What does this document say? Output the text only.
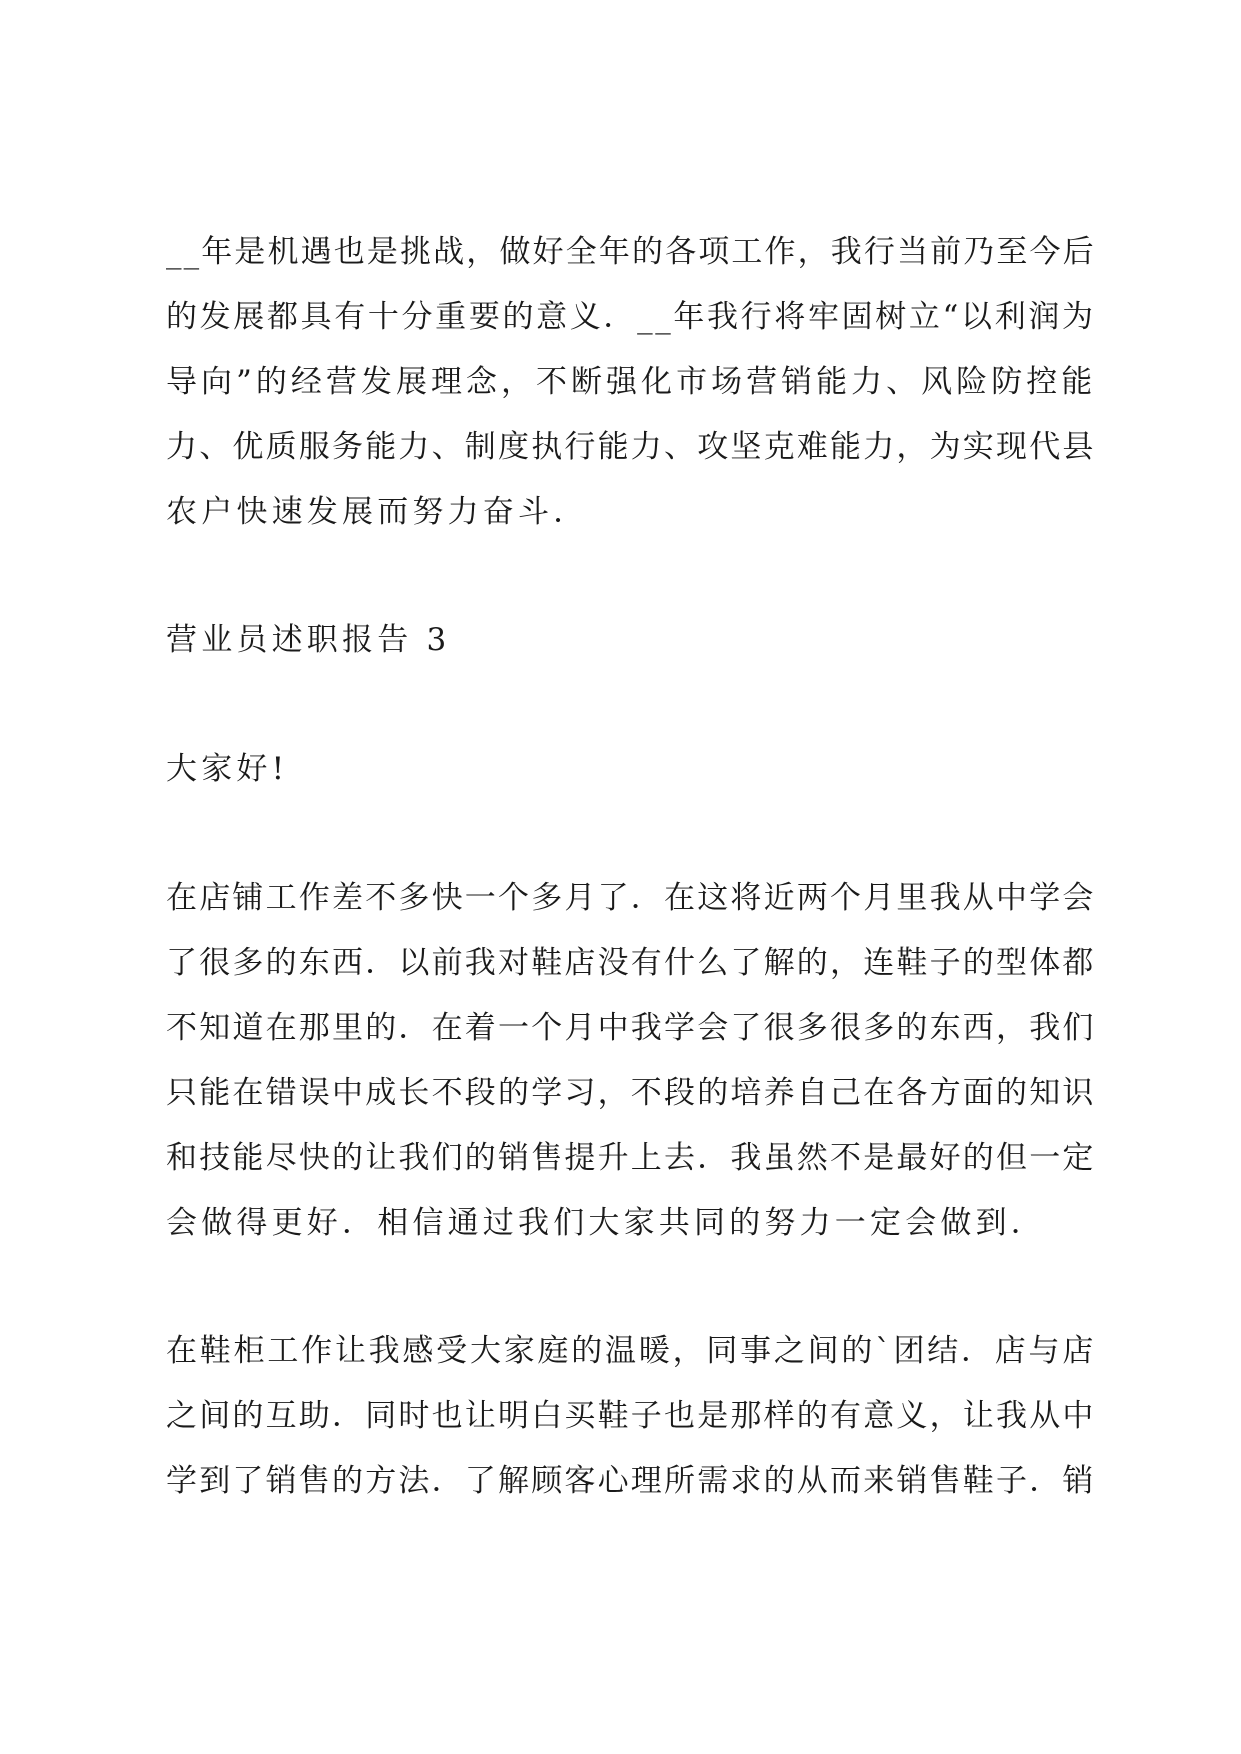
__年是机遇也是挑战，做好全年的各项工作，我行当前乃至今后
的发展都具有十分重要的意义．__年我行将牢固树立“以利润为
导向”的经营发展理念，不断强化市场营销能力、风险防控能
力、优质服务能力、制度执行能力、攻坚克难能力，为实现代县
农户快速发展而努力奋斗．
营业员述职报告 3
大家好!
在店铺工作差不多快一个多月了．在这将近两个月里我从中学会
了很多的东西．以前我对鞋店没有什么了解的，连鞋子的型体都
不知道在那里的．在着一个月中我学会了很多很多的东西，我们
只能在错误中成长不段的学习，不段的培养自己在各方面的知识
和技能尽快的让我们的销售提升上去．我虽然不是最好的但一定
会做得更好．相信通过我们大家共同的努力一定会做到．
在鞋柜工作让我感受大家庭的温暖，同事之间的`团结．店与店
之间的互助．同时也让明白买鞋子也是那样的有意义，让我从中
学到了销售的方法．了解顾客心理所需求的从而来销售鞋子．销
